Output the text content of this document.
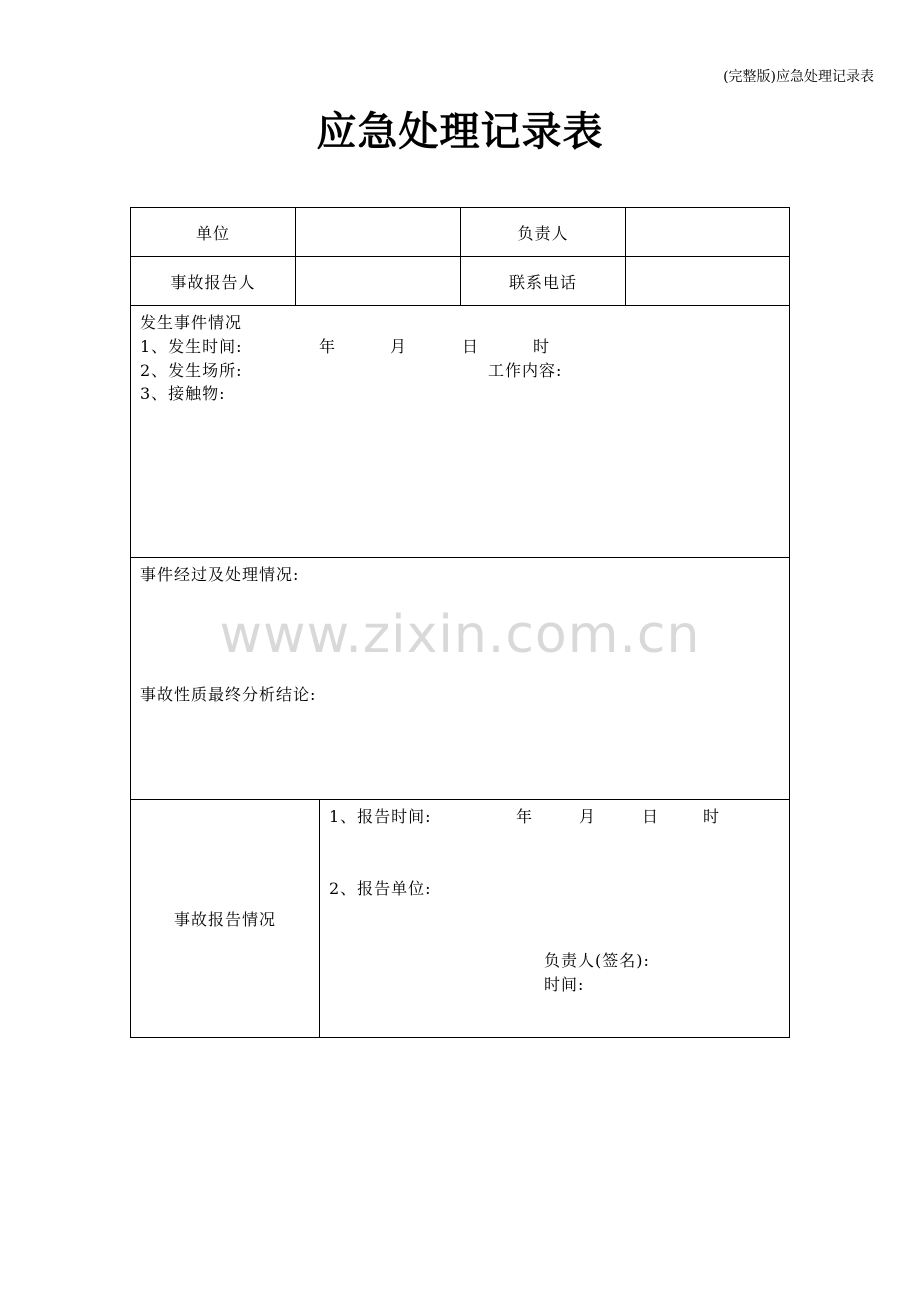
(完整版)应急处理记录表
应急处理记录表
单位	负责人
事故报告人	联系电话
发生事件情况
1、发生时间:	年	月	日	时
2、发生场所:	工作内容:
3、接触物:
事件经过及处理情况:
事故性质最终分析结论:
事故报告情况
1、报告时间:	年	月	日	时
2、报告单位:
负责人(签名):
时间:
www.zixin.com.cn
